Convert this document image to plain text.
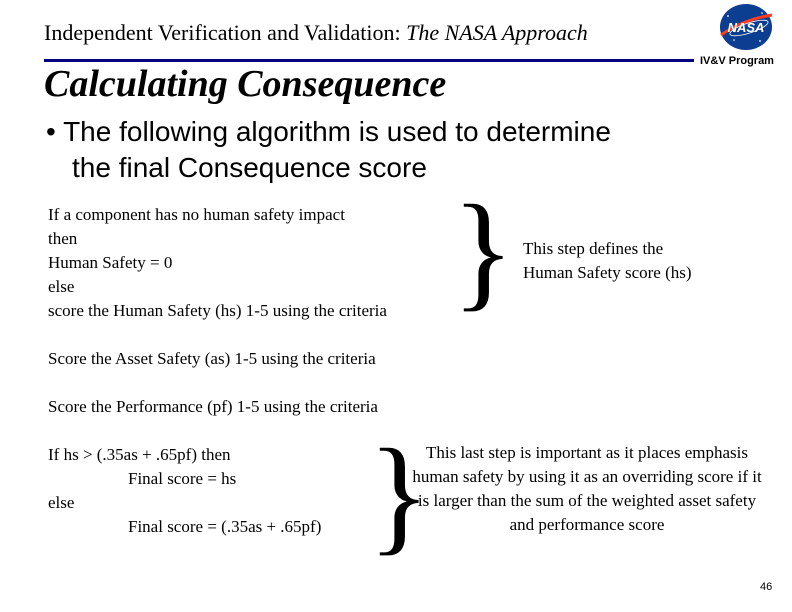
Independent Verification and Validation: The NASA Approach	NASA
IV&V Program
Calculating Consequence
• The following algorithm is used to determine
the final Consequence score
If a component has no human safety impact
then
Human Safety = 0
else
score the Human Safety (hs) 1-5 using the criteria } This step defines the
Human Safety score (hs)
Score the Asset Safety (as) 1-5 using the criteria
Score the Performance (pf) 1-5 using the criteria
If hs > (.35as + .65pf) then
Final score = hs
else
Final score = (.35as + .65pf) }
This last step is important as it places emphasis human safety by using it as an overriding score if it is larger than the sum of the weighted asset safety and performance score
46
